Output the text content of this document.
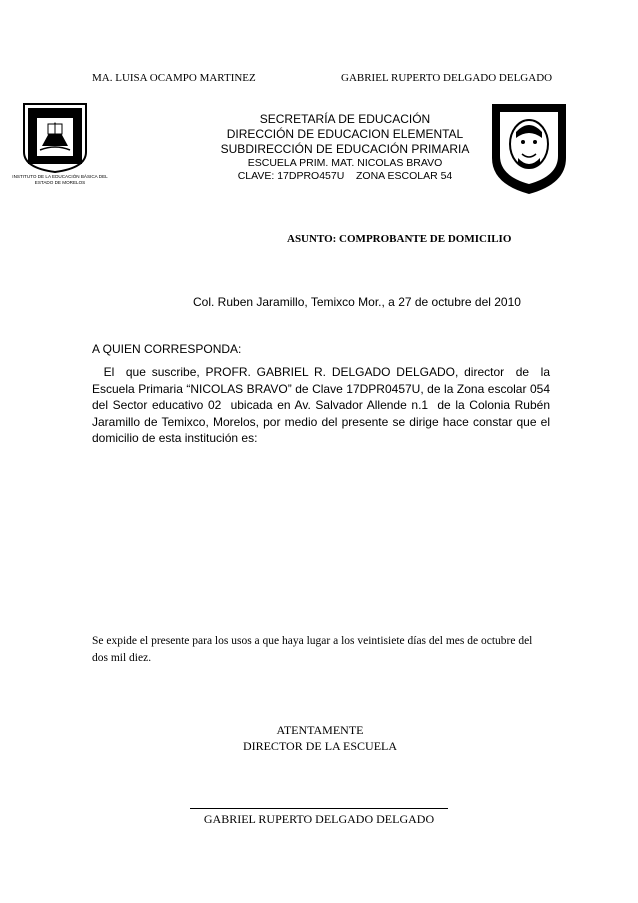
MA. LUISA OCAMPO MARTINEZ	GABRIEL RUPERTO DELGADO DELGADO
INSTITUTO DE LA EDUCACIÓN BÁSICA DEL ESTADO DE MORELOS
SECRETARÍA DE EDUCACIÓN
DIRECCIÓN DE EDUCACION ELEMENTAL
SUBDIRECCIÓN DE EDUCACIÓN PRIMARIA
ESCUELA PRIM. MAT. NICOLAS BRAVO
CLAVE: 17DPRO457U ZONA ESCOLAR 54
ASUNTO: COMPROBANTE DE DOMICILIO
Col. Ruben Jaramillo, Temixco Mor., a 27 de octubre del 2010
A QUIEN CORRESPONDA:
El  que suscribe, PROFR. GABRIEL R. DELGADO DELGADO, director  de  la Escuela Primaria “NICOLAS BRAVO” de Clave 17DPR0457U, de la Zona escolar 054 del Sector educativo 02  ubicada en Av. Salvador Allende n.1  de la Colonia Rubén Jaramillo de Temixco, Morelos, por medio del presente se dirige hace constar que el domicilio de esta institución es:
Se expide el presente para los usos a que haya lugar a los veintisiete días del mes de octubre del dos mil diez.
ATENTAMENTE
DIRECTOR DE LA ESCUELA
GABRIEL RUPERTO DELGADO DELGADO
